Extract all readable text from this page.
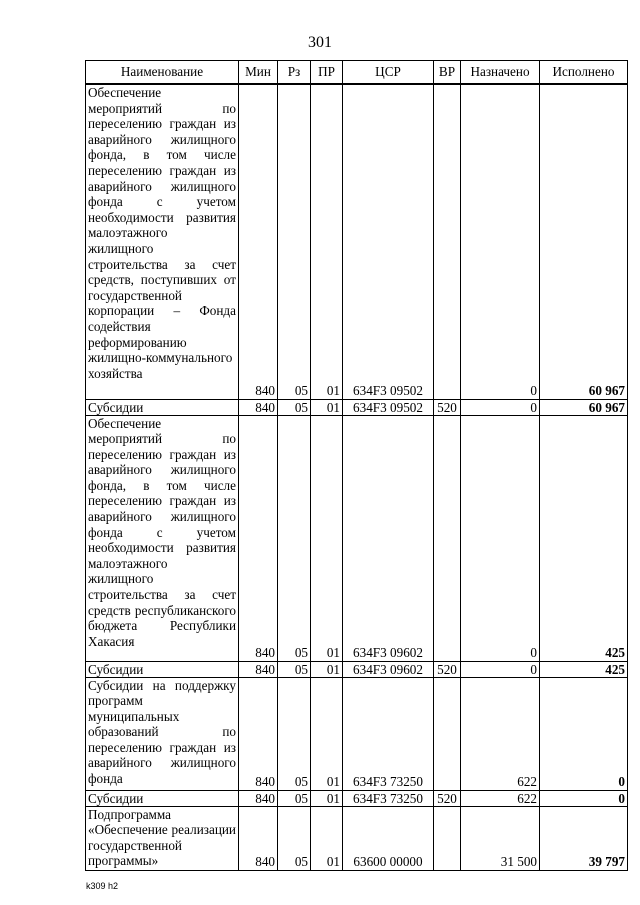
301
Наименование	Мин	Рз	ПР	ЦСР	ВР	Назначено	Исполнено
Обеспечение мероприятий по переселению граждан из аварийного жилищного фонда, в том числе переселению граждан из аварийного жилищного фонда с учетом необходимости развития малоэтажного жилищного строительства за счет средств, поступивших от государственной корпорации – Фонда содействия реформированию жилищно-коммунального хозяйства	840	05	01	634F3 09502		0	60 967
Субсидии	840	05	01	634F3 09502	520	0	60 967
Обеспечение мероприятий по переселению граждан из аварийного жилищного фонда, в том числе переселению граждан из аварийного жилищного фонда с учетом необходимости развития малоэтажного жилищного строительства за счет средств республиканского бюджета Республики Хакасия	840	05	01	634F3 09602		0	425
Субсидии	840	05	01	634F3 09602	520	0	425
Субсидии на поддержку программ муниципальных образований по переселению граждан из аварийного жилищного фонда	840	05	01	634F3 73250		622	0
Субсидии	840	05	01	634F3 73250	520	622	0
Подпрограмма «Обеспечение реализации государственной программы»	840	05	01	63600 00000		31 500	39 797
k309 h2
